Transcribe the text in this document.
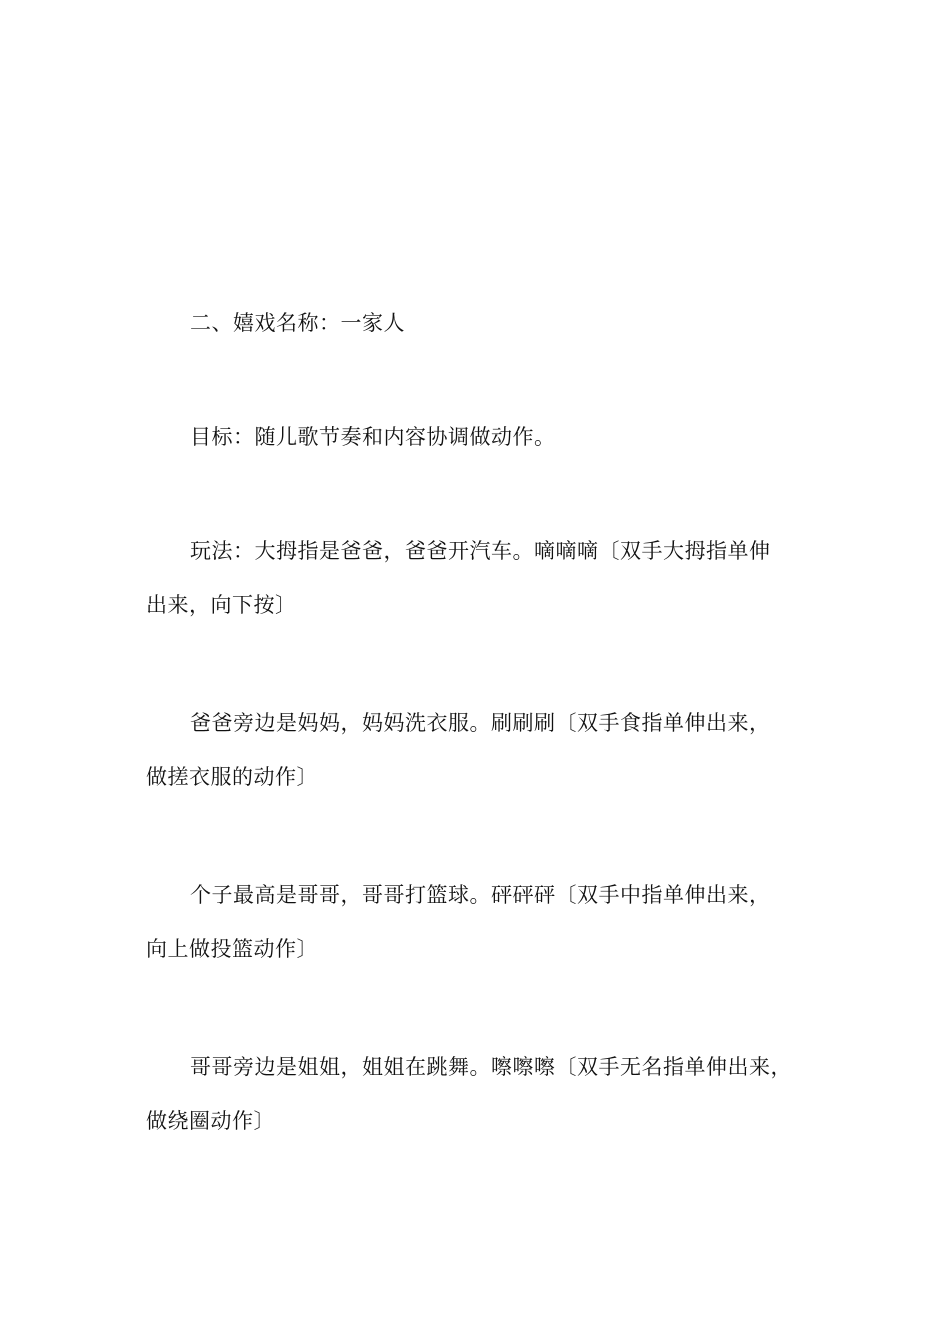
二、嬉戏名称：一家人
目标：随儿歌节奏和内容协调做动作。
玩法：大拇指是爸爸，爸爸开汽车。嘀嘀嘀〔双手大拇指单伸
出来，向下按〕
爸爸旁边是妈妈，妈妈洗衣服。刷刷刷〔双手食指单伸出来，
做搓衣服的动作〕
个子最高是哥哥，哥哥打篮球。砰砰砰〔双手中指单伸出来，
向上做投篮动作〕
哥哥旁边是姐姐，姐姐在跳舞。嚓嚓嚓〔双手无名指单伸出来，
做绕圈动作〕
